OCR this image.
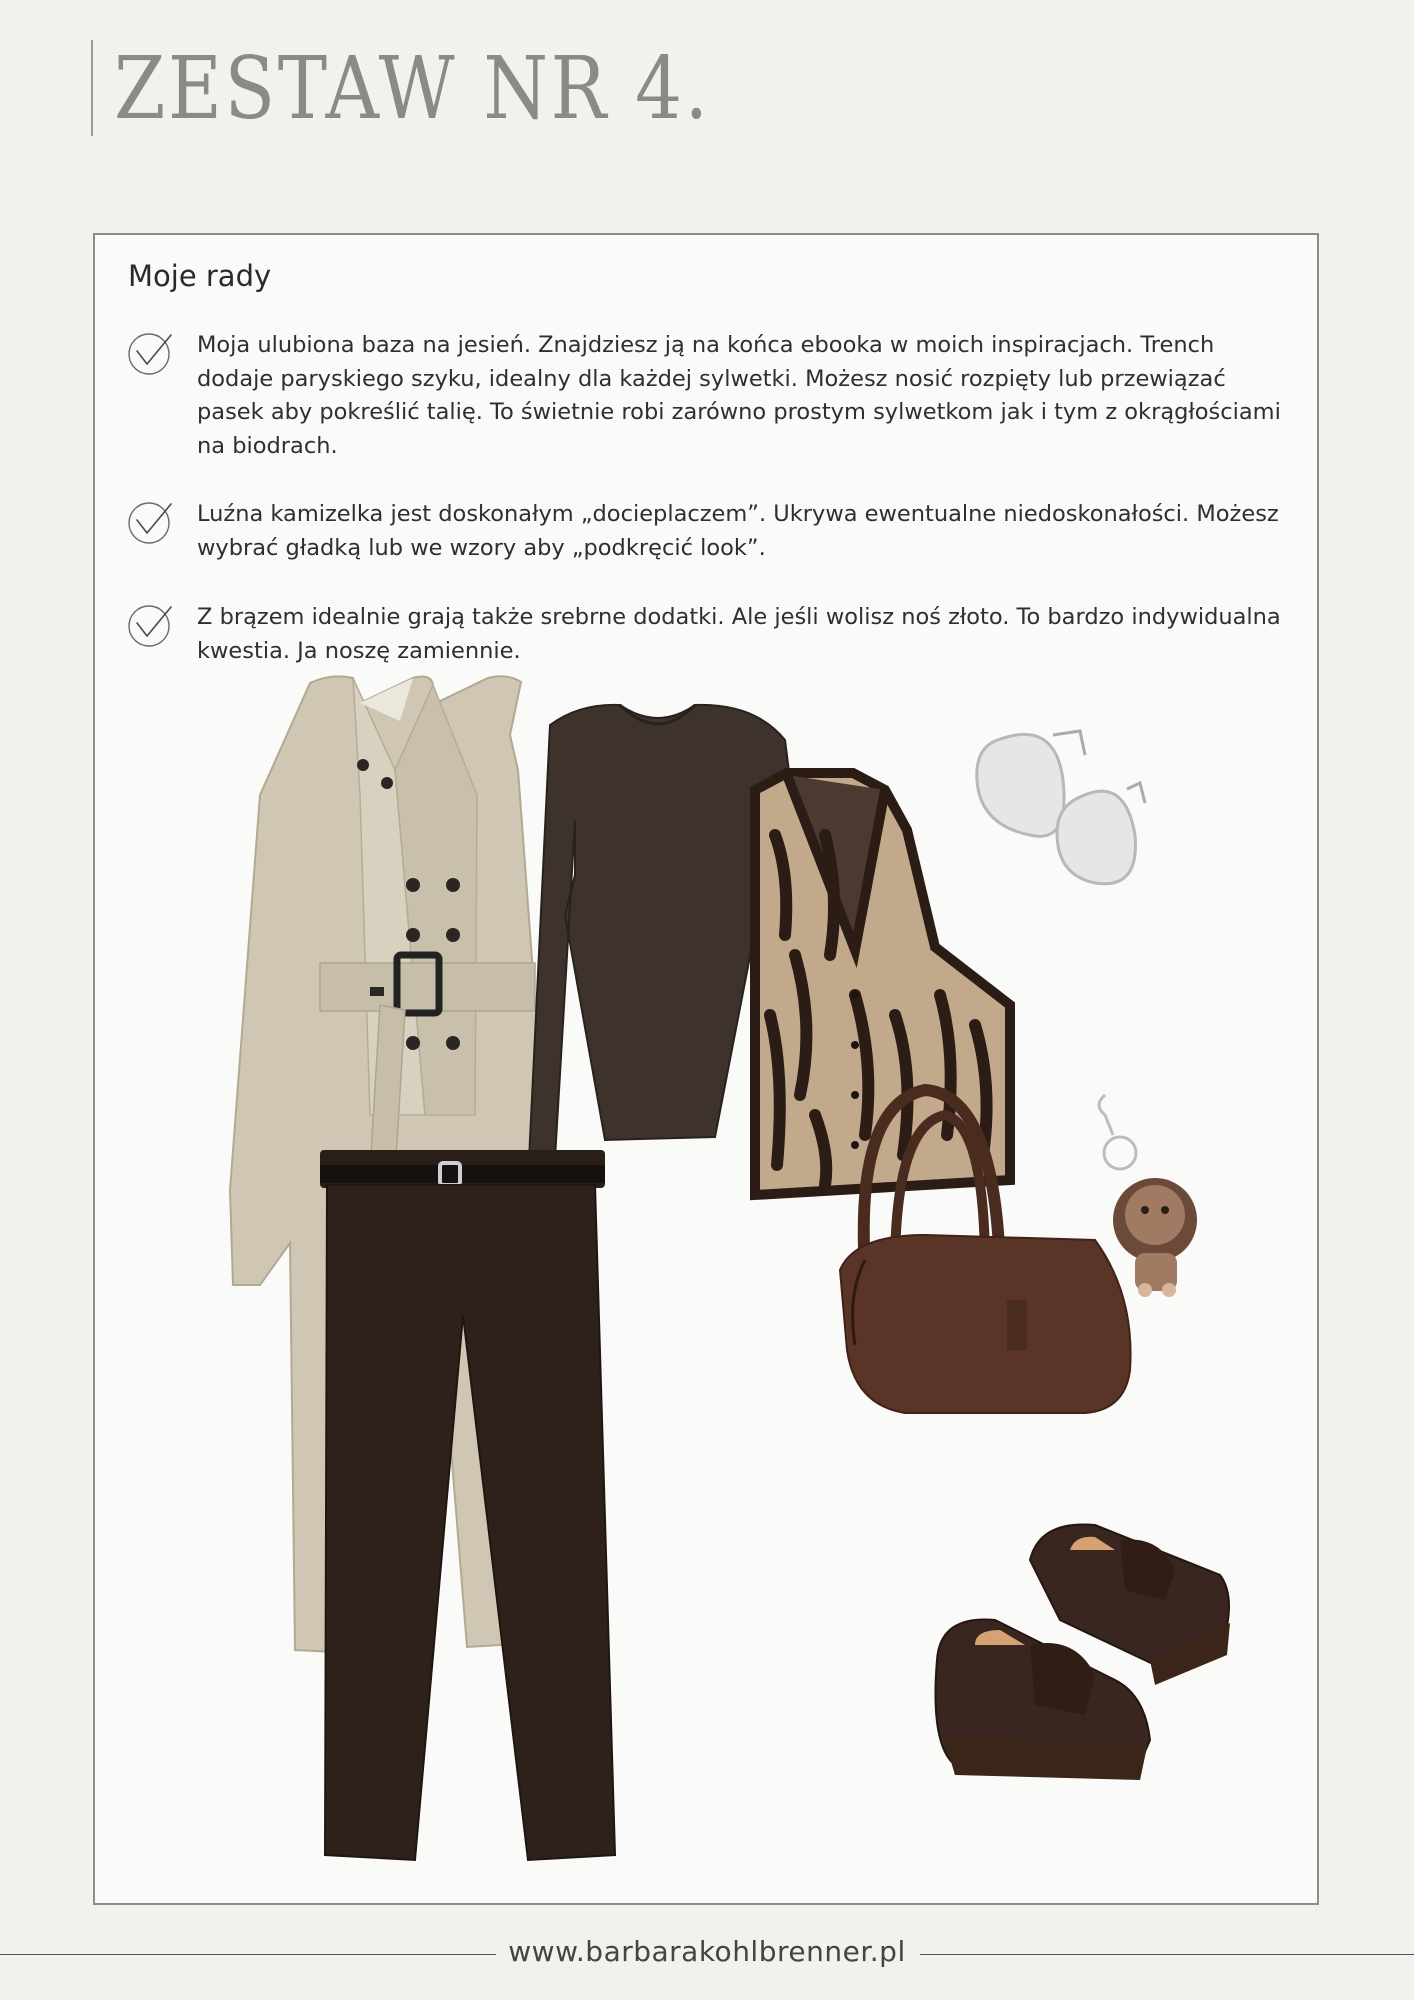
ZESTAW NR 4.
Moje rady

Moja ulubiona baza na jesień. Znajdziesz ją na końca ebooka w moich inspiracjach. Trench dodaje paryskiego szyku, idealny dla każdej sylwetki. Możesz nosić rozpięty lub przewiązać pasek aby pokreślić talię. To świetnie robi zarówno prostym sylwetkom jak i tym z okrągłościami na biodrach.

Luźna kamizelka jest doskonałym „docieplaczem”. Ukrywa ewentualne niedoskonałości. Możesz wybrać gładką lub we wzory aby „podkręcić look”.

Z brązem idealnie grają także srebrne dodatki. Ale jeśli wolisz noś złoto. To bardzo indywidualna kwestia. Ja noszę zamiennie.

www.barbarakohlbrenner.pl
